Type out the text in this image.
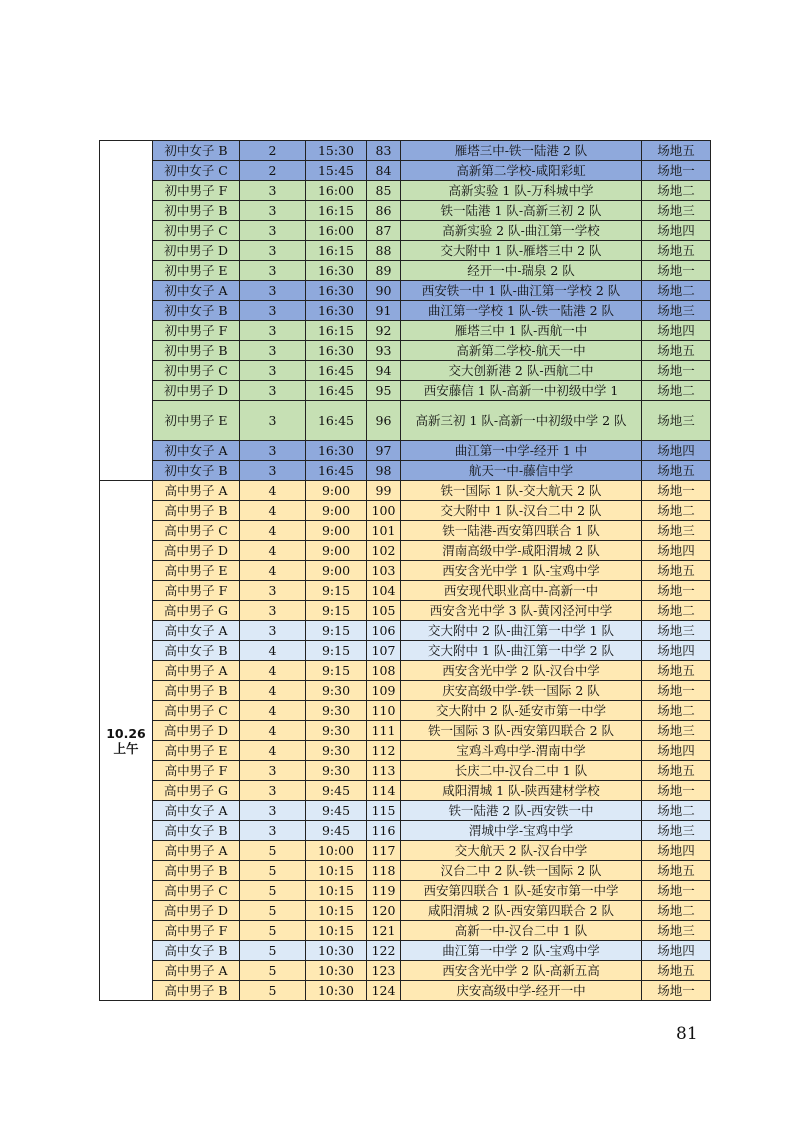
	初中女子 B	2	15:30	83	雁塔三中-铁一陆港 2 队	场地五
	初中女子 C	2	15:45	84	高新第二学校-咸阳彩虹	场地一
	初中男子 F	3	16:00	85	高新实验 1 队-万科城中学	场地二
	初中男子 B	3	16:15	86	铁一陆港 1 队-高新三初 2 队	场地三
	初中男子 C	3	16:00	87	高新实验 2 队-曲江第一学校	场地四
	初中男子 D	3	16:15	88	交大附中 1 队-雁塔三中 2 队	场地五
	初中男子 E	3	16:30	89	经开一中-瑞泉 2 队	场地一
	初中女子 A	3	16:30	90	西安铁一中 1 队-曲江第一学校 2 队	场地二
	初中女子 B	3	16:30	91	曲江第一学校 1 队-铁一陆港 2 队	场地三
	初中男子 F	3	16:15	92	雁塔三中 1 队-西航一中	场地四
	初中男子 B	3	16:30	93	高新第二学校-航天一中	场地五
	初中男子 C	3	16:45	94	交大创新港 2 队-西航二中	场地一
	初中男子 D	3	16:45	95	西安藤信 1 队-高新一中初级中学 1	场地二
	初中男子 E	3	16:45	96	高新三初 1 队-高新一中初级中学 2 队	场地三
	初中女子 A	3	16:30	97	曲江第一中学-经开 1 中	场地四
	初中女子 B	3	16:45	98	航天一中-藤信中学	场地五
10.26
上午	高中男子 A	4	9:00	99	铁一国际 1 队-交大航天 2 队	场地一
	高中男子 B	4	9:00	100	交大附中 1 队-汉台二中 2 队	场地二
	高中男子 C	4	9:00	101	铁一陆港-西安第四联合 1 队	场地三
	高中男子 D	4	9:00	102	渭南高级中学-咸阳渭城 2 队	场地四
	高中男子 E	4	9:00	103	西安含光中学 1 队-宝鸡中学	场地五
	高中男子 F	3	9:15	104	西安现代职业高中-高新一中	场地一
	高中男子 G	3	9:15	105	西安含光中学 3 队-黄冈泾河中学	场地二
	高中女子 A	3	9:15	106	交大附中 2 队-曲江第一中学 1 队	场地三
	高中女子 B	4	9:15	107	交大附中 1 队-曲江第一中学 2 队	场地四
	高中男子 A	4	9:15	108	西安含光中学 2 队-汉台中学	场地五
	高中男子 B	4	9:30	109	庆安高级中学-铁一国际 2 队	场地一
	高中男子 C	4	9:30	110	交大附中 2 队-延安市第一中学	场地二
	高中男子 D	4	9:30	111	铁一国际 3 队-西安第四联合 2 队	场地三
	高中男子 E	4	9:30	112	宝鸡斗鸡中学-渭南中学	场地四
	高中男子 F	3	9:30	113	长庆二中-汉台二中 1 队	场地五
	高中男子 G	3	9:45	114	咸阳渭城 1 队-陕西建材学校	场地一
	高中女子 A	3	9:45	115	铁一陆港 2 队-西安铁一中	场地二
	高中女子 B	3	9:45	116	渭城中学-宝鸡中学	场地三
	高中男子 A	5	10:00	117	交大航天 2 队-汉台中学	场地四
	高中男子 B	5	10:15	118	汉台二中 2 队-铁一国际 2 队	场地五
	高中男子 C	5	10:15	119	西安第四联合 1 队-延安市第一中学	场地一
	高中男子 D	5	10:15	120	咸阳渭城 2 队-西安第四联合 2 队	场地二
	高中男子 F	5	10:15	121	高新一中-汉台二中 1 队	场地三
	高中女子 B	5	10:30	122	曲江第一中学 2 队-宝鸡中学	场地四
	高中男子 A	5	10:30	123	西安含光中学 2 队-高新五高	场地五
	高中男子 B	5	10:30	124	庆安高级中学-经开一中	场地一
81
